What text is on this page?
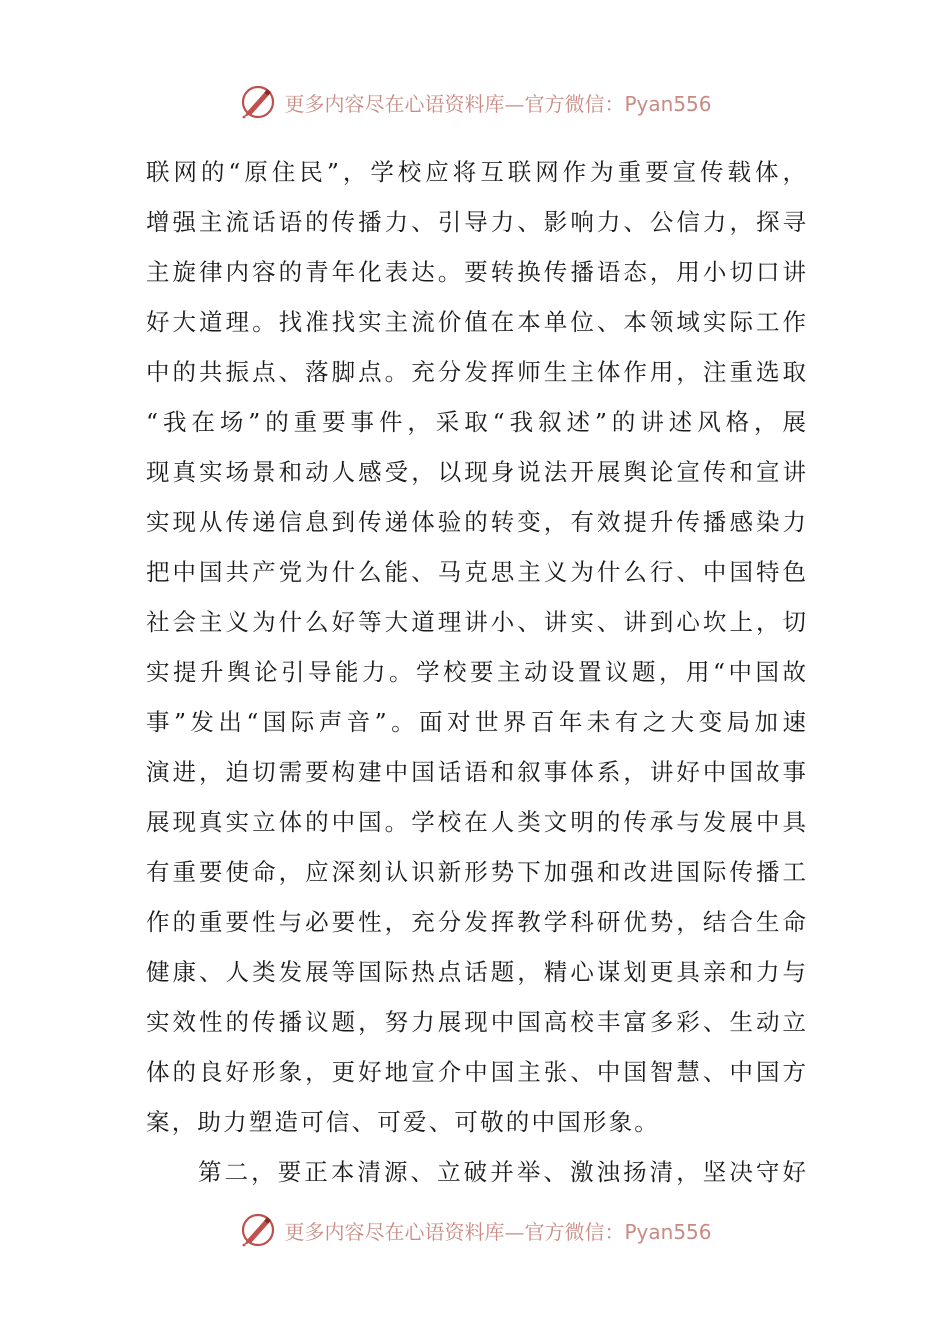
更多内容尽在心语资料库—官方微信：Pyan556
联网的“原住民”，学校应将互联网作为重要宣传载体，
增强主流话语的传播力、引导力、影响力、公信力，探寻
主旋律内容的青年化表达。要转换传播语态，用小切口讲
好大道理。找准找实主流价值在本单位、本领域实际工作
中的共振点、落脚点。充分发挥师生主体作用，注重选取
“我在场”的重要事件，采取“我叙述”的讲述风格，展
现真实场景和动人感受，以现身说法开展舆论宣传和宣讲
实现从传递信息到传递体验的转变，有效提升传播感染力
把中国共产党为什么能、马克思主义为什么行、中国特色
社会主义为什么好等大道理讲小、讲实、讲到心坎上，切
实提升舆论引导能力。学校要主动设置议题，用“中国故
事”发出“国际声音”。面对世界百年未有之大变局加速
演进，迫切需要构建中国话语和叙事体系，讲好中国故事
展现真实立体的中国。学校在人类文明的传承与发展中具
有重要使命，应深刻认识新形势下加强和改进国际传播工
作的重要性与必要性，充分发挥教学科研优势，结合生命
健康、人类发展等国际热点话题，精心谋划更具亲和力与
实效性的传播议题，努力展现中国高校丰富多彩、生动立
体的良好形象，更好地宣介中国主张、中国智慧、中国方
案，助力塑造可信、可爱、可敬的中国形象。
第二，要正本清源、立破并举、激浊扬清，坚决守好
更多内容尽在心语资料库—官方微信：Pyan556
